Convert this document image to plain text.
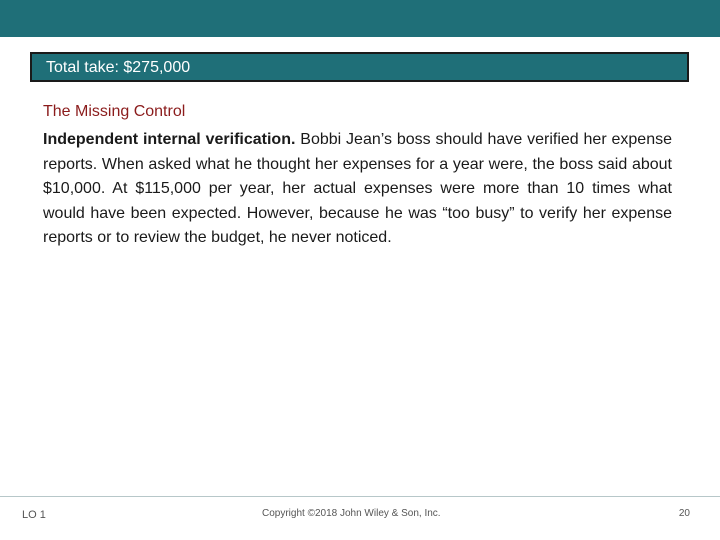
Total take: $275,000
The Missing Control
Independent internal verification. Bobbi Jean’s boss should have verified her expense reports. When asked what he thought her expenses for a year were, the boss said about $10,000. At $115,000 per year, her actual expenses were more than 10 times what would have been expected. However, because he was “too busy” to verify her expense reports or to review the budget, he never noticed.
LO 1	Copyright ©2018 John Wiley & Son, Inc.	20
